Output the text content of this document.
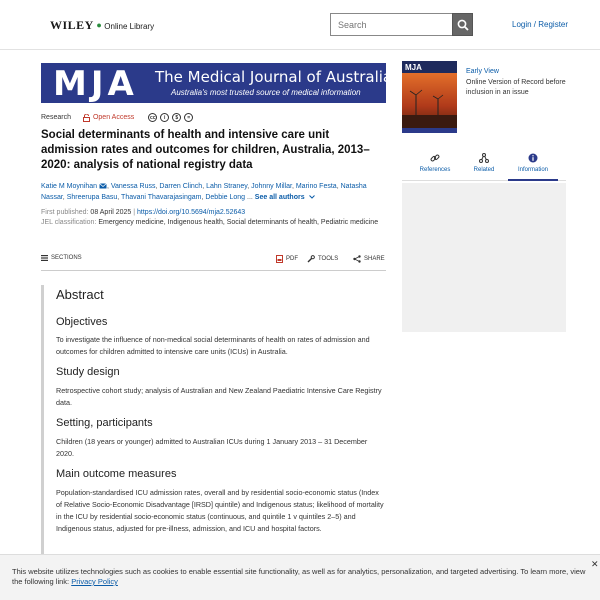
WILEY ● Online Library
Search	Login / Register
MJA The Medical Journal of Australia
Australia's most trusted source of medical information
Research	Open Access	cc	i	$	=
Social determinants of health and intensive care unit admission rates and outcomes for children, Australia, 2013–2020: analysis of national registry data
Katie M Moynihan , Vanessa Russ, Darren Clinch, Lahn Straney, Johnny Millar, Marino Festa, Natasha Nassar, Shreerupa Basu, Thavani Thavarajasingam, Debbie Long ... See all authors
First published: 08 April 2025 | https://doi.org/10.5694/mja2.52643
JEL classification: Emergency medicine, Indigenous health, Social determinants of health, Pediatric medicine
SECTIONS	PDF	TOOLS	SHARE
Abstract
Objectives
To investigate the influence of non-medical social determinants of health on rates of admission and outcomes for children admitted to intensive care units (ICUs) in Australia.
Study design
Retrospective cohort study; analysis of Australian and New Zealand Paediatric Intensive Care Registry data.
Setting, participants
Children (18 years or younger) admitted to Australian ICUs during 1 January 2013 – 31 December 2020.
Main outcome measures
Population-standardised ICU admission rates, overall and by residential socio-economic status (Index of Relative Socio-Economic Disadvantage [IRSD] quintile) and Indigenous status; likelihood of mortality in the ICU by residential socio-economic status (continuous, and quintile 1 v quintiles 2–5) and Indigenous status, adjusted for pre-illness, admission, and ICU and hospital factors.
MJA	Early View
Online Version of Record before inclusion in an issue
References	Related	Information
This website utilizes technologies such as cookies to enable essential site functionality, as well as for analytics, personalization, and targeted advertising. To learn more, view the following link: Privacy Policy
✕
